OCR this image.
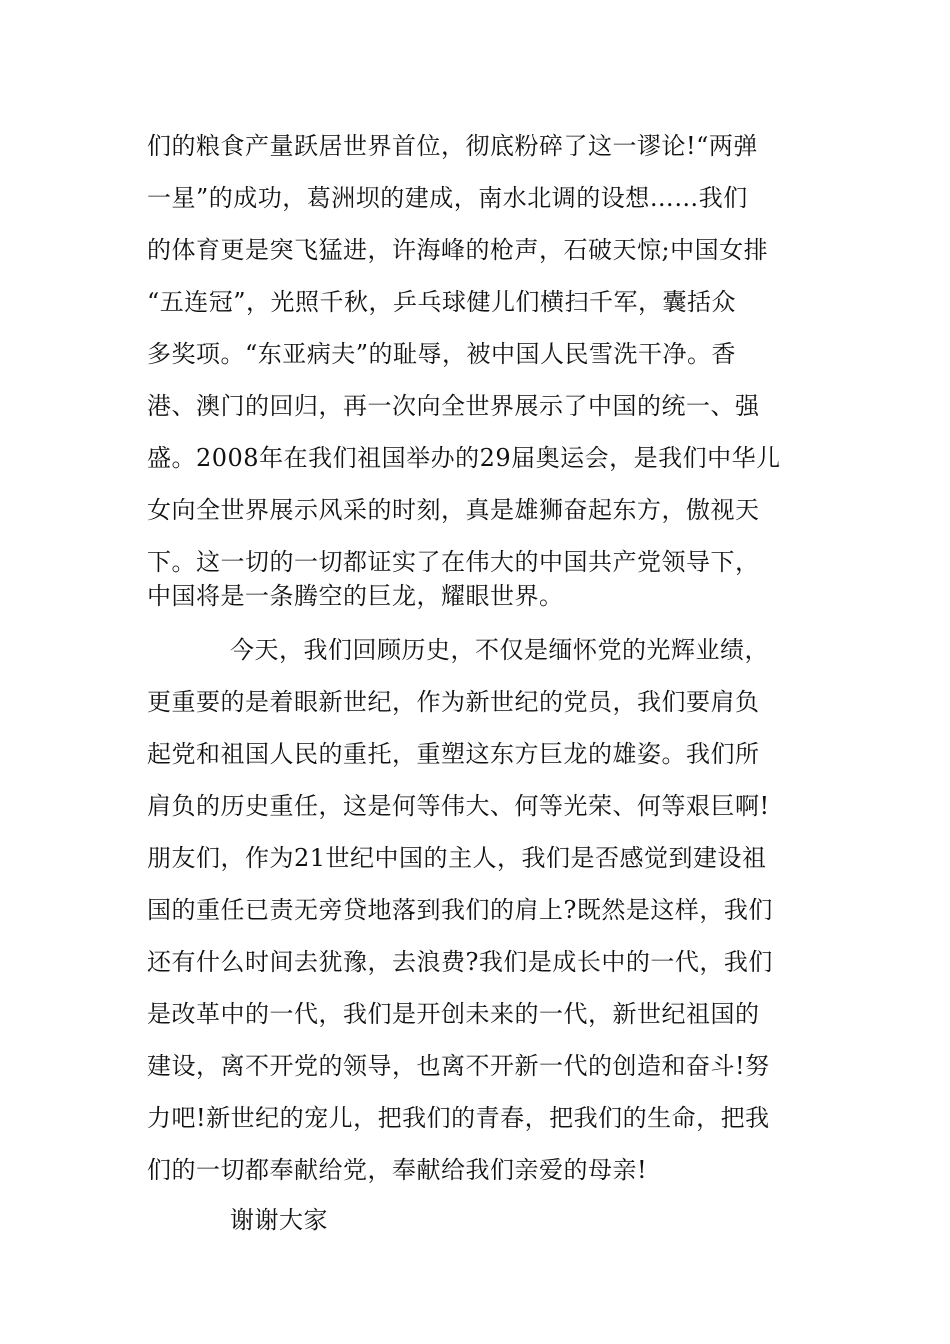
们的粮食产量跃居世界首位，彻底粉碎了这一谬论!“两弹
一星”的成功，葛洲坝的建成，南水北调的设想……我们
的体育更是突飞猛进，许海峰的枪声，石破天惊;中国女排
“五连冠”，光照千秋，乒乓球健儿们横扫千军，囊括众
多奖项。“东亚病夫”的耻辱，被中国人民雪洗干净。香
港、澳门的回归，再一次向全世界展示了中国的统一、强
盛。2008年在我们祖国举办的29届奥运会，是我们中华儿
女向全世界展示风采的时刻，真是雄狮奋起东方，傲视天
下。这一切的一切都证实了在伟大的中国共产党领导下，
中国将是一条腾空的巨龙，耀眼世界。
今天，我们回顾历史，不仅是缅怀党的光辉业绩，
更重要的是着眼新世纪，作为新世纪的党员，我们要肩负
起党和祖国人民的重托，重塑这东方巨龙的雄姿。我们所
肩负的历史重任，这是何等伟大、何等光荣、何等艰巨啊!
朋友们，作为21世纪中国的主人，我们是否感觉到建设祖
国的重任已责无旁贷地落到我们的肩上?既然是这样，我们
还有什么时间去犹豫，去浪费?我们是成长中的一代，我们
是改革中的一代，我们是开创未来的一代，新世纪祖国的
建设，离不开党的领导，也离不开新一代的创造和奋斗!努
力吧!新世纪的宠儿，把我们的青春，把我们的生命，把我
们的一切都奉献给党，奉献给我们亲爱的母亲!
谢谢大家
